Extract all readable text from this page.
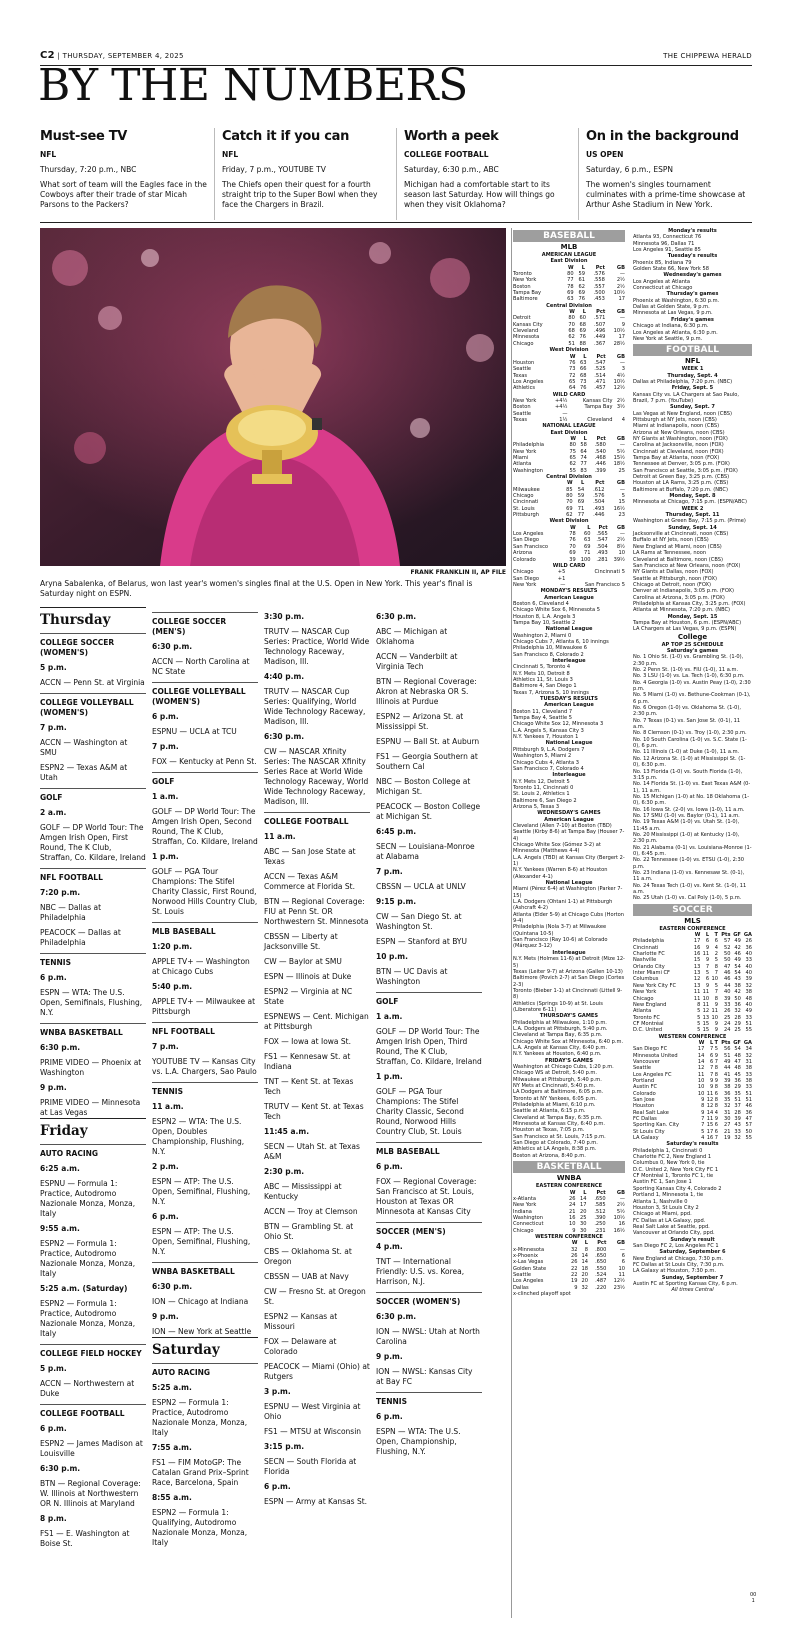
C2 | THURSDAY, SEPTEMBER 4, 2025	THE CHIPPEWA HERALD
BY THE NUMBERS
Must-see TV
NFL
Thursday, 7:20 p.m., NBC
What sort of team will the Eagles face in the Cowboys after their trade of star Micah Parsons to the Packers?
Catch it if you can
NFL
Friday, 7 p.m., YOUTUBE TV
The Chiefs open their quest for a fourth straight trip to the Super Bowl when they face the Chargers in Brazil.
Worth a peek
COLLEGE FOOTBALL
Saturday, 6:30 p.m., ABC
Michigan had a comfortable start to its season last Saturday. How will things go when they visit Oklahoma?
On in the background
US OPEN
Saturday, 6 p.m., ESPN
The women's singles tournament culminates with a prime-time showcase at Arthur Ashe Stadium in New York.
FRANK FRANKLIN II, AP FILE
Aryna Sabalenka, of Belarus, won last year's women's singles final at the U.S. Open in New York. This year's final is Saturday night on ESPN.
Thursday
COLLEGE SOCCER (WOMEN'S)
5 p.m.
ACCN — Penn St. at Virginia
COLLEGE VOLLEYBALL (WOMEN'S)
7 p.m.
ACCN — Washington at SMU
ESPN2 — Texas A&M at Utah
GOLF
2 a.m.
GOLF — DP World Tour: The Amgen Irish Open, First Round, The K Club, Straffan, Co. Kildare, Ireland
NFL FOOTBALL
7:20 p.m.
NBC — Dallas at Philadelphia
PEACOCK — Dallas at Philadelphia
TENNIS
6 p.m.
ESPN — WTA: The U.S. Open, Semifinals, Flushing, N.Y.
WNBA BASKETBALL
6:30 p.m.
PRIME VIDEO — Phoenix at Washington
9 p.m.
PRIME VIDEO — Minnesota at Las Vegas
Friday
AUTO RACING
6:25 a.m.
ESPNU — Formula 1: Practice, Autodromo Nazionale Monza, Monza, Italy
9:55 a.m.
ESPN2 — Formula 1: Practice, Autodromo Nazionale Monza, Monza, Italy
5:25 a.m. (Saturday)
ESPN2 — Formula 1: Practice, Autodromo Nazionale Monza, Monza, Italy
COLLEGE FIELD HOCKEY
5 p.m.
ACCN — Northwestern at Duke
COLLEGE FOOTBALL
6 p.m.
ESPN2 — James Madison at Louisville
6:30 p.m.
BTN — Regional Coverage: W. Illinois at Northwestern OR N. Illinois at Maryland
8 p.m.
FS1 — E. Washington at Boise St.
COLLEGE SOCCER (MEN'S)
6:30 p.m.
ACCN — North Carolina at NC State
COLLEGE VOLLEYBALL (WOMEN'S)
6 p.m.
ESPNU — UCLA at TCU
7 p.m.
FOX — Kentucky at Penn St.
GOLF
1 a.m.
GOLF — DP World Tour: The Amgen Irish Open, Second Round, The K Club, Straffan, Co. Kildare, Ireland
1 p.m.
GOLF — PGA Tour Champions: The Stifel Charity Classic, First Round, Norwood Hills Country Club, St. Louis
MLB BASEBALL
1:20 p.m.
APPLE TV+ — Washington at Chicago Cubs
5:40 p.m.
APPLE TV+ — Milwaukee at Pittsburgh
NFL FOOTBALL
7 p.m.
YOUTUBE TV — Kansas City vs. L.A. Chargers, Sao Paulo
TENNIS
11 a.m.
ESPN2 — WTA: The U.S. Open, Doubles Championship, Flushing, N.Y.
2 p.m.
ESPN — ATP: The U.S. Open, Semifinal, Flushing, N.Y.
6 p.m.
ESPN — ATP: The U.S. Open, Semifinal, Flushing, N.Y.
WNBA BASKETBALL
6:30 p.m.
ION — Chicago at Indiana
9 p.m.
ION — New York at Seattle
Saturday
AUTO RACING
5:25 a.m.
ESPN2 — Formula 1: Practice, Autodromo Nazionale Monza, Monza, Italy
7:55 a.m.
FS1 — FIM MotoGP: The Catalan Grand Prix–Sprint Race, Barcelona, Spain
8:55 a.m.
ESPN2 — Formula 1: Qualifying, Autodromo Nazionale Monza, Monza, Italy
3:30 p.m.
TRUTV — NASCAR Cup Series: Practice, World Wide Technology Raceway, Madison, Ill.
4:40 p.m.
TRUTV — NASCAR Cup Series: Qualifying, World Wide Technology Raceway, Madison, Ill.
6:30 p.m.
CW — NASCAR Xfinity Series: The NASCAR Xfinity Series Race at World Wide Technology Raceway, World Wide Technology Raceway, Madison, Ill.
COLLEGE FOOTBALL
11 a.m.
ABC — San Jose State at Texas
ACCN — Texas A&M Commerce at Florida St.
BTN — Regional Coverage: FIU at Penn St. OR Northwestern St. Minnesota
CBSSN — Liberty at Jacksonville St.
CW — Baylor at SMU
ESPN — Illinois at Duke
ESPN2 — Virginia at NC State
ESPNEWS — Cent. Michigan at Pittsburgh
FOX — Iowa at Iowa St.
FS1 — Kennesaw St. at Indiana
TNT — Kent St. at Texas Tech
TRUTV — Kent St. at Texas Tech
11:45 a.m.
SECN — Utah St. at Texas A&M
2:30 p.m.
ABC — Mississippi at Kentucky
ACCN — Troy at Clemson
BTN — Grambling St. at Ohio St.
CBS — Oklahoma St. at Oregon
CBSSN — UAB at Navy
CW — Fresno St. at Oregon St.
ESPN2 — Kansas at Missouri
FOX — Delaware at Colorado
PEACOCK — Miami (Ohio) at Rutgers
3 p.m.
ESPNU — West Virginia at Ohio
FS1 — MTSU at Wisconsin
3:15 p.m.
SECN — South Florida at Florida
6 p.m.
ESPN — Army at Kansas St.
6:30 p.m.
ABC — Michigan at Oklahoma
ACCN — Vanderbilt at Virginia Tech
BTN — Regional Coverage: Akron at Nebraska OR S. Illinois at Purdue
ESPN2 — Arizona St. at Mississippi St.
ESPNU — Ball St. at Auburn
FS1 — Georgia Southern at Southern Cal
NBC — Boston College at Michigan St.
PEACOCK — Boston College at Michigan St.
6:45 p.m.
SECN — Louisiana-Monroe at Alabama
7 p.m.
CBSSN — UCLA at UNLV
9:15 p.m.
CW — San Diego St. at Washington St.
ESPN — Stanford at BYU
10 p.m.
BTN — UC Davis at Washington
GOLF
1 a.m.
GOLF — DP World Tour: The Amgen Irish Open, Third Round, The K Club, Straffan, Co. Kildare, Ireland
1 p.m.
GOLF — PGA Tour Champions: The Stifel Charity Classic, Second Round, Norwood Hills Country Club, St. Louis
MLB BASEBALL
6 p.m.
FOX — Regional Coverage: San Francisco at St. Louis, Houston at Texas OR Minnesota at Kansas City
SOCCER (MEN'S)
4 p.m.
TNT — International Friendly: U.S. vs. Korea, Harrison, N.J.
SOCCER (WOMEN'S)
6:30 p.m.
ION — NWSL: Utah at North Carolina
9 p.m.
ION — NWSL: Kansas City at Bay FC
TENNIS
6 p.m.
ESPN — WTA: The U.S. Open, Championship, Flushing, N.Y.
BASEBALL
MLB
AMERICAN LEAGUE
East Division
	W	L	Pct	GB
Toronto	80	59	.576	—
New York	77	61	.558	2½
Boston	78	62	.557	2½
Tampa Bay	69	69	.500	10½
Baltimore	63	76	.453	17
Central Division
	W	L	Pct	GB
Detroit	80	60	.571	—
Kansas City	70	68	.507	9
Cleveland	68	69	.496	10½
Minnesota	62	76	.449	17
Chicago	51	88	.367	28½
West Division
	W	L	Pct	GB
Houston	76	63	.547	—
Seattle	73	66	.525	3
Texas	72	68	.514	4½
Los Angeles	65	73	.471	10½
Athletics	64	76	.457	12½
WILD CARD
New York	+4½	Kansas City		2½
Boston	+4½	Tampa Bay		3½
Seattle	—			
Texas	1½	Cleveland		4
NATIONAL LEAGUE
East Division
	W	L	Pct	GB
Philadelphia	80	58	.580	—
New York	75	64	.540	5½
Miami	65	74	.468	15½
Atlanta	62	77	.446	18½
Washington	55	83	.399	25
Central Division
	W	L	Pct	GB
Milwaukee	85	54	.612	—
Chicago	80	59	.576	5
Cincinnati	70	69	.504	15
St. Louis	69	71	.493	16½
Pittsburgh	62	77	.446	23
West Division
	W	L	Pct	GB
Los Angeles	78	60	.565	—
San Diego	76	63	.547	2½
San Francisco	70	69	.504	8½
Arizona	69	71	.493	10
Colorado	39	100	.281	39½
WILD CARD
Chicago	+5	Cincinnati		5
San Diego	+1			
New York	—	San Francisco		5
MONDAY'S RESULTS
American League
Boston 6, Cleveland 4
Chicago White Sox 6, Minnesota 5
Houston 8, L.A. Angels 3
Tampa Bay 10, Seattle 2
National League
Washington 2, Miami 0
Chicago Cubs 7, Atlanta 6, 10 innings
Philadelphia 10, Milwaukee 6
San Francisco 8, Colorado 2
Interleague
Cincinnati 5, Toronto 4
N.Y. Mets 10, Detroit 8
Athletics 11, St. Louis 3
Baltimore 4, San Diego 1
Texas 7, Arizona 5, 10 innings
TUESDAY'S RESULTS
American League
Boston 11, Cleveland 7
Tampa Bay 4, Seattle 5
Chicago White Sox 12, Minnesota 3
L.A. Angels 5, Kansas City 3
N.Y. Yankees 7, Houston 1
National League
Pittsburgh 9, L.A. Dodgers 7
Washington 5, Miami 2
Chicago Cubs 4, Atlanta 3
San Francisco 7, Colorado 4
Interleague
N.Y. Mets 12, Detroit 5
Toronto 11, Cincinnati 0
St. Louis 2, Athletics 1
Baltimore 6, San Diego 2
Arizona 5, Texas 3
WEDNESDAY'S GAMES
American League
Cleveland (Allen 7-10) at Boston (TBD)
Seattle (Kirby 8-6) at Tampa Bay (Houser 7-4)
Chicago White Sox (Gómez 3-2) at Minnesota (Matthews 4-4)
L.A. Angels (TBD) at Kansas City (Bergert 2-1)
N.Y. Yankees (Warren 8-6) at Houston (Alexander 4-1)
National League
Miami (Pérez 6-4) at Washington (Parker 7-15)
L.A. Dodgers (Ohtani 1-1) at Pittsburgh (Ashcraft 4-2)
Atlanta (Elder 5-9) at Chicago Cubs (Horton 9-4)
Philadelphia (Nola 3-7) at Milwaukee (Quintana 10-5)
San Francisco (Ray 10-6) at Colorado (Márquez 3-12)
Interleague
N.Y. Mets (Holmes 11-6) at Detroit (Mize 12-5)
Texas (Leiter 9-7) at Arizona (Gallen 10-13)
Baltimore (Povich 2-7) at San Diego (Cortes 2-3)
Toronto (Bieber 1-1) at Cincinnati (Littell 9-8)
Athletics (Springs 10-9) at St. Louis (Liberatore 6-11)
THURSDAY'S GAMES
Philadelphia at Milwaukee, 1:10 p.m.
L.A. Dodgers at Pittsburgh, 5:40 p.m.
Cleveland at Tampa Bay, 6:35 p.m.
Chicago White Sox at Minnesota, 6:40 p.m.
L.A. Angels at Kansas City, 6:40 p.m.
N.Y. Yankees at Houston, 6:40 p.m.
FRIDAY'S GAMES
Washington at Chicago Cubs, 1:20 p.m.
Chicago WS at Detroit, 5:40 p.m.
Milwaukee at Pittsburgh, 5:40 p.m.
NY Mets at Cincinnati, 5:40 p.m.
LA Dodgers at Baltimore, 6:05 p.m.
Toronto at NY Yankees, 6:05 p.m.
Philadelphia at Miami, 6:10 p.m.
Seattle at Atlanta, 6:15 p.m.
Cleveland at Tampa Bay, 6:35 p.m.
Minnesota at Kansas City, 6:40 p.m.
Houston at Texas, 7:05 p.m.
San Francisco at St. Louis, 7:15 p.m.
San Diego at Colorado, 7:40 p.m.
Athletics at LA Angels, 8:38 p.m.
Boston at Arizona, 8:40 p.m.
BASKETBALL
WNBA
EASTERN CONFERENCE
	W	L	Pct	GB
x-Atlanta	26	14	.650	—
New York	24	17	.585	2½
Indiana	21	20	.512	5½
Washington	16	25	.390	10½
Connecticut	10	30	.250	16
Chicago	9	30	.231	16½
WESTERN CONFERENCE
	W	L	Pct	GB
x-Minnesota	32	8	.800	—
x-Phoenix	26	14	.650	6
x-Las Vegas	26	14	.650	6
Golden State	22	18	.550	10
Seattle	22	20	.524	11
Los Angeles	19	20	.487	12½
Dallas	9	32	.220	23½
x-clinched playoff spot
Monday's results
Atlanta 93, Connecticut 76
Minnesota 96, Dallas 71
Los Angeles 91, Seattle 85
Tuesday's results
Phoenix 85, Indiana 79
Golden State 66, New York 58
Wednesday's games
Los Angeles at Atlanta
Connecticut at Chicago
Thursday's games
Phoenix at Washington, 6:30 p.m.
Dallas at Golden State, 9 p.m.
Minnesota at Las Vegas, 9 p.m.
Friday's games
Chicago at Indiana, 6:30 p.m.
Los Angeles at Atlanta, 6:30 p.m.
New York at Seattle, 9 p.m.
FOOTBALL
NFL
WEEK 1
Thursday, Sept. 4
Dallas at Philadelphia, 7:20 p.m. (NBC)
Friday, Sept. 5
Kansas City vs. LA Chargers at Sao Paulo, Brazil, 7 p.m. (YouTube)
Sunday, Sept. 7
Las Vegas at New England, noon (CBS)
Pittsburgh at NY Jets, noon (CBS)
Miami at Indianapolis, noon (CBS)
Arizona at New Orleans, noon (CBS)
NY Giants at Washington, noon (FOX)
Carolina at Jacksonville, noon (FOX)
Cincinnati at Cleveland, noon (FOX)
Tampa Bay at Atlanta, noon (FOX)
Tennessee at Denver, 3:05 p.m. (FOX)
San Francisco at Seattle, 3:05 p.m. (FOX)
Detroit at Green Bay, 3:25 p.m. (CBS)
Houston at LA Rams, 3:25 p.m. (CBS)
Baltimore at Buffalo, 7:20 p.m. (NBC)
Monday, Sept. 8
Minnesota at Chicago, 7:15 p.m. (ESPN/ABC)
WEEK 2
Thursday, Sept. 11
Washington at Green Bay, 7:15 p.m. (Prime)
Sunday, Sept. 14
Jacksonville at Cincinnati, noon (CBS)
Buffalo at NY Jets, noon (CBS)
New England at Miami, noon (CBS)
LA Rams at Tennessee, noon
Cleveland at Baltimore, noon (CBS)
San Francisco at New Orleans, noon (FOX)
NY Giants at Dallas, noon (FOX)
Seattle at Pittsburgh, noon (FOX)
Chicago at Detroit, noon (FOX)
Denver at Indianapolis, 3:05 p.m. (FOX)
Carolina at Arizona, 3:05 p.m. (FOX)
Philadelphia at Kansas City, 3:25 p.m. (FOX)
Atlanta at Minnesota, 7:20 p.m. (NBC)
Monday, Sept. 15
Tampa Bay at Houston, 6 p.m. (ESPN/ABC)
LA Chargers at Las Vegas, 9 p.m. (ESPN)
College
AP TOP 25 SCHEDULE
Saturday's games
No. 1 Ohio St. (1-0) vs. Grambling St. (1-0), 2:30 p.m.
No. 2 Penn St. (1-0) vs. FIU (1-0), 11 a.m.
No. 3 LSU (1-0) vs. La. Tech (1-0), 6:30 p.m.
No. 4 Georgia (1-0) vs. Austin Peay (1-0), 2:30 p.m.
No. 5 Miami (1-0) vs. Bethune-Cookman (0-1), 6 p.m.
No. 6 Oregon (1-0) vs. Oklahoma St. (1-0), 2:30 p.m.
No. 7 Texas (0-1) vs. San Jose St. (0-1), 11 a.m.
No. 8 Clemson (0-1) vs. Troy (1-0), 2:30 p.m.
No. 10 South Carolina (1-0) vs. S.C. State (1-0), 6 p.m.
No. 11 Illinois (1-0) at Duke (1-0), 11 a.m.
No. 12 Arizona St. (1-0) at Mississippi St. (1-0), 6:30 p.m.
No. 13 Florida (1-0) vs. South Florida (1-0), 3:15 p.m.
No. 14 Florida St. (1-0) vs. East Texas A&M (0-1), 11 a.m.
No. 15 Michigan (1-0) at No. 18 Oklahoma (1-0), 6:30 p.m.
No. 16 Iowa St. (2-0) vs. Iowa (1-0), 11 a.m.
No. 17 SMU (1-0) vs. Baylor (0-1), 11 a.m.
No. 19 Texas A&M (1-0) vs. Utah St. (1-0), 11:45 a.m.
No. 20 Mississippi (1-0) at Kentucky (1-0), 2:30 p.m.
No. 21 Alabama (0-1) vs. Louisiana-Monroe (1-0), 6:45 p.m.
No. 22 Tennessee (1-0) vs. ETSU (1-0), 2:30 p.m.
No. 23 Indiana (1-0) vs. Kennesaw St. (0-1), 11 a.m.
No. 24 Texas Tech (1-0) vs. Kent St. (1-0), 11 a.m.
No. 25 Utah (1-0) vs. Cal Poly (1-0), 5 p.m.
SOCCER
MLS
EASTERN CONFERENCE
	W	L	T	Pts	GF	GA
Philadelphia	17	6	6	57	49	26
Cincinnati	16	9	4	52	42	36
Charlotte FC	16	11	2	50	46	40
Nashville	15	9	5	50	49	33
Orlando City	13	7	8	47	54	40
Inter Miami CF	13	5	7	46	54	40
Columbus	12	6	10	46	43	39
New York City FC	13	9	5	44	38	32
New York	11	11	7	40	42	38
Chicago	11	10	8	39	50	48
New England	8	11	9	33	36	40
Atlanta	5	12	11	26	32	49
Toronto FC	5	13	10	25	28	33
CF Montréal	5	15	9	24	29	51
D.C. United	5	15	9	24	25	55
WESTERN CONFERENCE
	W	L	T	Pts	GF	GA
San Diego FC	17	7	5	56	54	34
Minnesota United	14	6	9	51	48	32
Vancouver	14	6	7	49	47	31
Seattle	12	7	8	44	48	38
Los Angeles FC	11	7	8	41	45	33
Portland	10	9	9	39	36	38
Austin FC	10	9	8	38	29	33
Colorado	10	11	6	36	35	51
San Jose	9	12	8	35	51	51
Houston	8	12	8	32	37	46
Real Salt Lake	9	14	4	31	28	36
FC Dallas	7	11	9	30	39	47
Sporting Kan. City	7	15	6	27	43	57
St Louis City	5	17	6	21	33	50
LA Galaxy	4	16	7	19	32	55
Saturday's results
Philadelphia 1, Cincinnati 0
Charlotte FC 2, New England 1
Columbus 0, New York 0, tie
D.C. United 2, New York City FC 1
CF Montréal 1, Toronto FC 1, tie
Austin FC 1, San Jose 1
Sporting Kansas City 4, Colorado 2
Portland 1, Minnesota 1, tie
Atlanta 1, Nashville 0
Houston 3, St Louis City 2
Chicago at Miami, ppd.
FC Dallas at LA Galaxy, ppd.
Real Salt Lake at Seattle, ppd.
Vancouver at Orlando City, ppd.
Sunday's result
San Diego FC 2, Los Angeles FC 1
Saturday, September 6
New England at Chicago, 7:30 p.m.
FC Dallas at St Louis City, 7:30 p.m.
LA Galaxy at Houston, 7:30 p.m.
Sunday, September 7
Austin FC at Sporting Kansas City, 6 p.m.
All times Central
00
1
